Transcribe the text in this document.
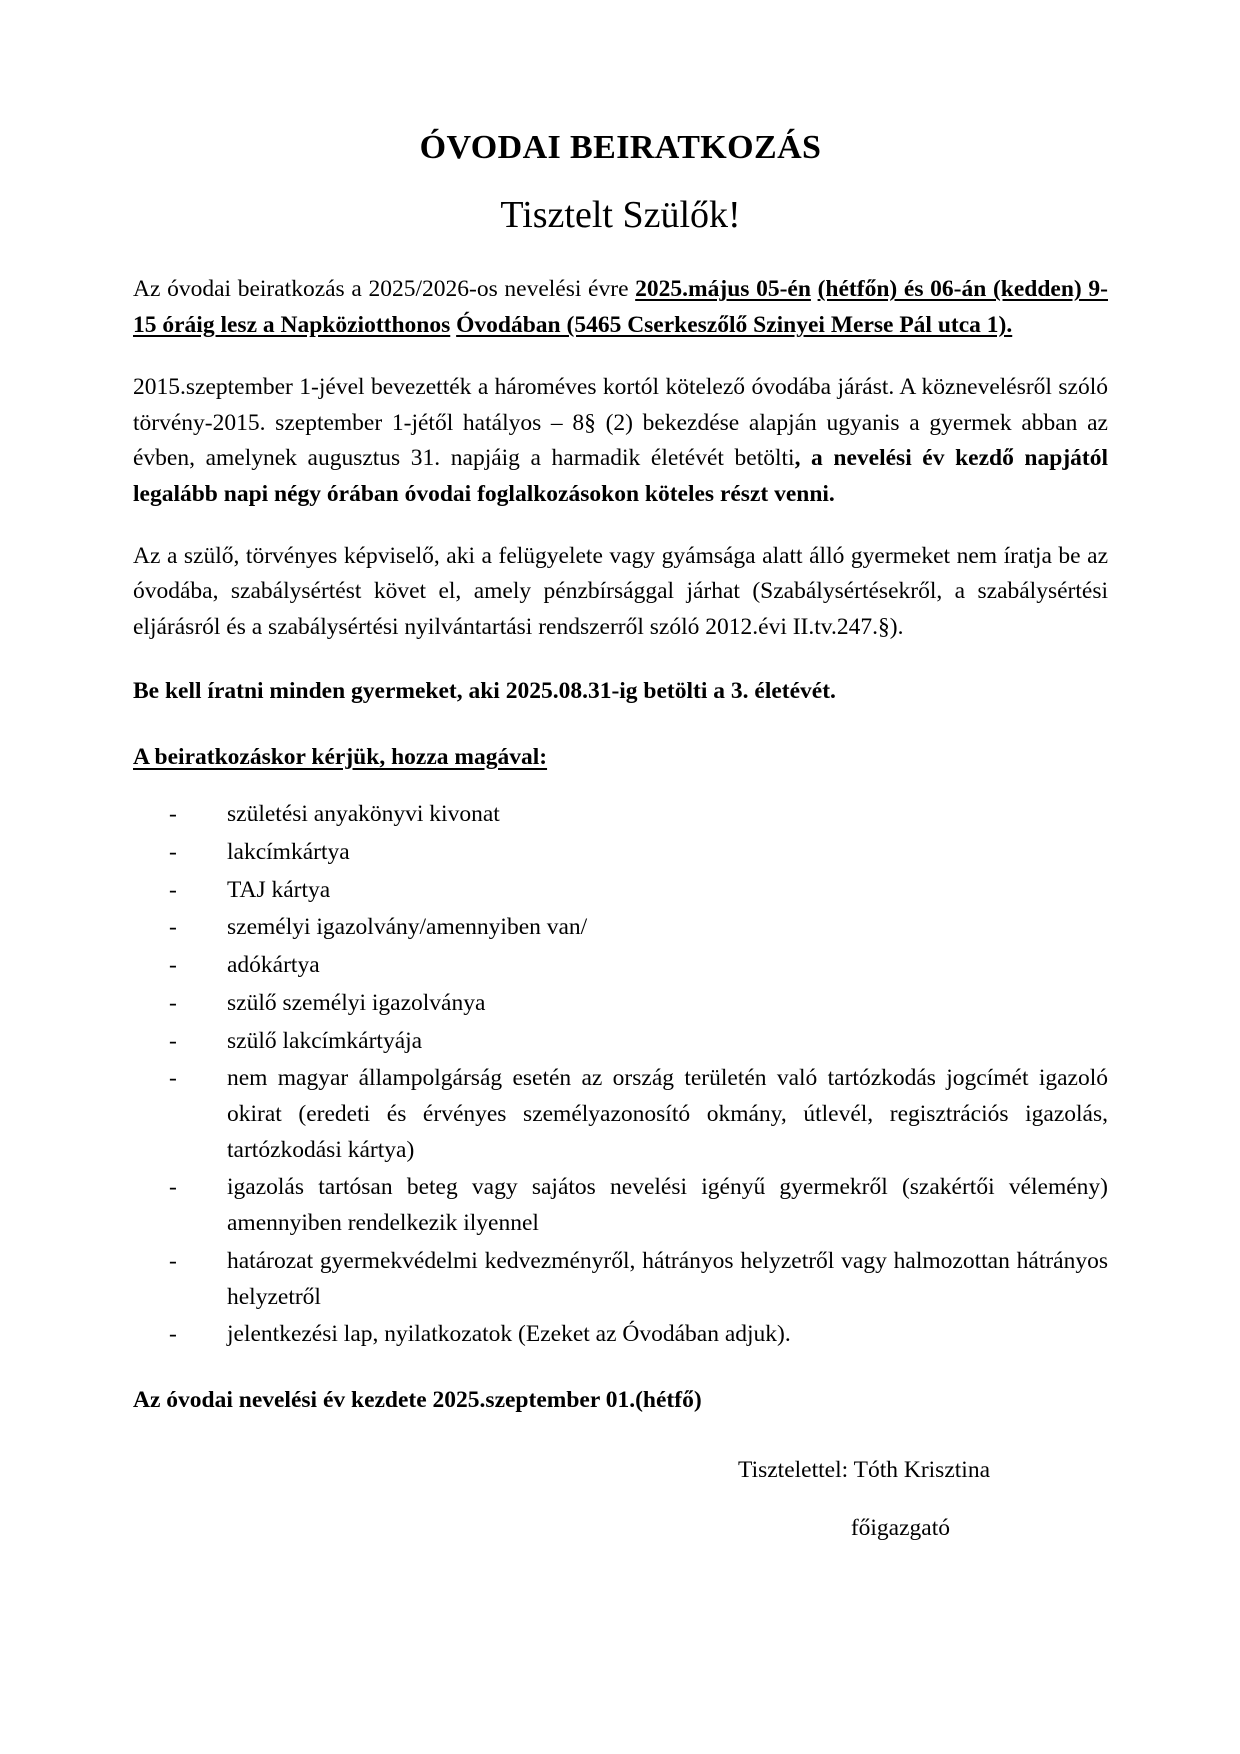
ÓVODAI BEIRATKOZÁS
Tisztelt Szülők!

Az óvodai beiratkozás a 2025/2026-os nevelési évre 2025.május 05-én (hétfőn) és 06-án (kedden) 9-15 óráig lesz a Napköziotthonos Óvodában (5465 Cserkeszőlő Szinyei Merse Pál utca 1).

2015.szeptember 1-jével bevezették a hároméves kortól kötelező óvodába járást. A köznevelésről szóló törvény-2015. szeptember 1-jétől hatályos – 8§ (2) bekezdése alapján ugyanis a gyermek abban az évben, amelynek augusztus 31. napjáig a harmadik életévét betölti, a nevelési év kezdő napjától legalább napi négy órában óvodai foglalkozásokon köteles részt venni.

Az a szülő, törvényes képviselő, aki a felügyelete vagy gyámsága alatt álló gyermeket nem íratja be az óvodába, szabálysértést követ el, amely pénzbírsággal járhat (Szabálysértésekről, a szabálysértési eljárásról és a szabálysértési nyilvántartási rendszerről szóló 2012.évi II.tv.247.§).

Be kell íratni minden gyermeket, aki 2025.08.31-ig betölti a 3. életévét.

A beiratkozáskor kérjük, hozza magával:

- születési anyakönyvi kivonat
- lakcímkártya
- TAJ kártya
- személyi igazolvány/amennyiben van/
- adókártya
- szülő személyi igazolványa
- szülő lakcímkártyája
- nem magyar állampolgárság esetén az ország területén való tartózkodás jogcímét igazoló okirat (eredeti és érvényes személyazonosító okmány, útlevél, regisztrációs igazolás, tartózkodási kártya)
- igazolás tartósan beteg vagy sajátos nevelési igényű gyermekről (szakértői vélemény) amennyiben rendelkezik ilyennel
- határozat gyermekvédelmi kedvezményről, hátrányos helyzetről vagy halmozottan hátrányos helyzetről
- jelentkezési lap, nyilatkozatok (Ezeket az Óvodában adjuk).

Az óvodai nevelési év kezdete 2025.szeptember 01.(hétfő)

Tisztelettel: Tóth Krisztina

főigazgató
